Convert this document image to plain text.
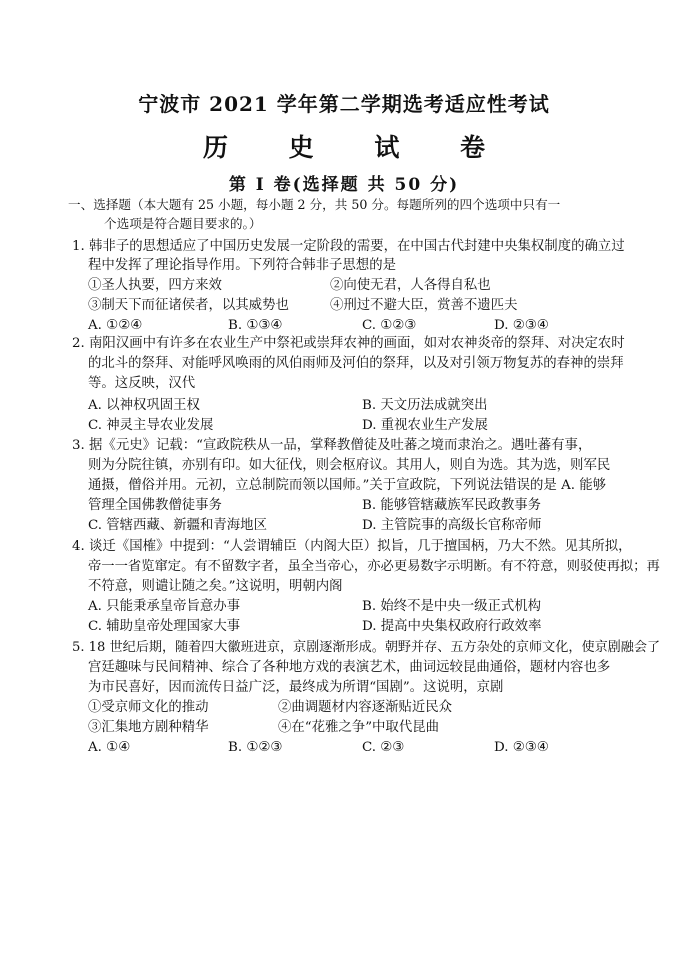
宁波市 2021 学年第二学期选考适应性考试
历 史 试 卷
第 Ⅰ 卷(选择题 共 50 分)
一、选择题（本大题有 25 小题，每小题 2 分，共 50 分。每题所列的四个选项中只有一
个选项是符合题目要求的。）
1. 韩非子的思想适应了中国历史发展一定阶段的需要，在中国古代封建中央集权制度的确立过
程中发挥了理论指导作用。下列符合韩非子思想的是
①圣人执要，四方来效	②向使无君，人各得自私也
③制天下而征诸侯者，以其威势也	④刑过不避大臣，赏善不遗匹夫
A. ①②④	B. ①③④	C. ①②③	D. ②③④
2. 南阳汉画中有许多在农业生产中祭祀或崇拜农神的画面，如对农神炎帝的祭拜、对决定农时
的北斗的祭拜、对能呼风唤雨的风伯雨师及河伯的祭拜，以及对引领万物复苏的春神的崇拜
等。这反映，汉代
A. 以神权巩固王权	B. 天文历法成就突出
C. 神灵主导农业发展	D. 重视农业生产发展
3. 据《元史》记载：“宣政院秩从一品，掌释教僧徒及吐蕃之境而隶治之。遇吐蕃有事，
则为分院往镇，亦别有印。如大征伐，则会枢府议。其用人，则自为选。其为选，则军民
通摄，僧俗并用。元初，立总制院而领以国师。”关于宣政院，下列说法错误的是 A. 能够
管理全国佛教僧徒事务	B. 能够管辖藏族军民政教事务
C. 管辖西藏、新疆和青海地区	D. 主管院事的高级长官称帝师
4. 谈迁《国榷》中提到：“人尝谓辅臣（内阁大臣）拟旨，几于擅国柄，乃大不然。见其所拟，
帝一一省览窜定。有不留数字者，虽全当帝心，亦必更易数字示明断。有不符意，则驳使再拟；再
不符意，则谴让随之矣。”这说明，明朝内阁
A. 只能秉承皇帝旨意办事	B. 始终不是中央一级正式机构
C. 辅助皇帝处理国家大事	D. 提高中央集权政府行政效率
5. 18 世纪后期，随着四大徽班进京，京剧逐渐形成。朝野并存、五方杂处的京师文化，使京剧融会了
宫廷趣味与民间精神、综合了各种地方戏的表演艺术，曲词远较昆曲通俗，题材内容也多
为市民喜好，因而流传日益广泛，最终成为所谓“国剧”。这说明，京剧
①受京师文化的推动	②曲调题材内容逐渐贴近民众
③汇集地方剧种精华	④在“花雅之争”中取代昆曲
A. ①④	B. ①②③	C. ②③	D. ②③④
